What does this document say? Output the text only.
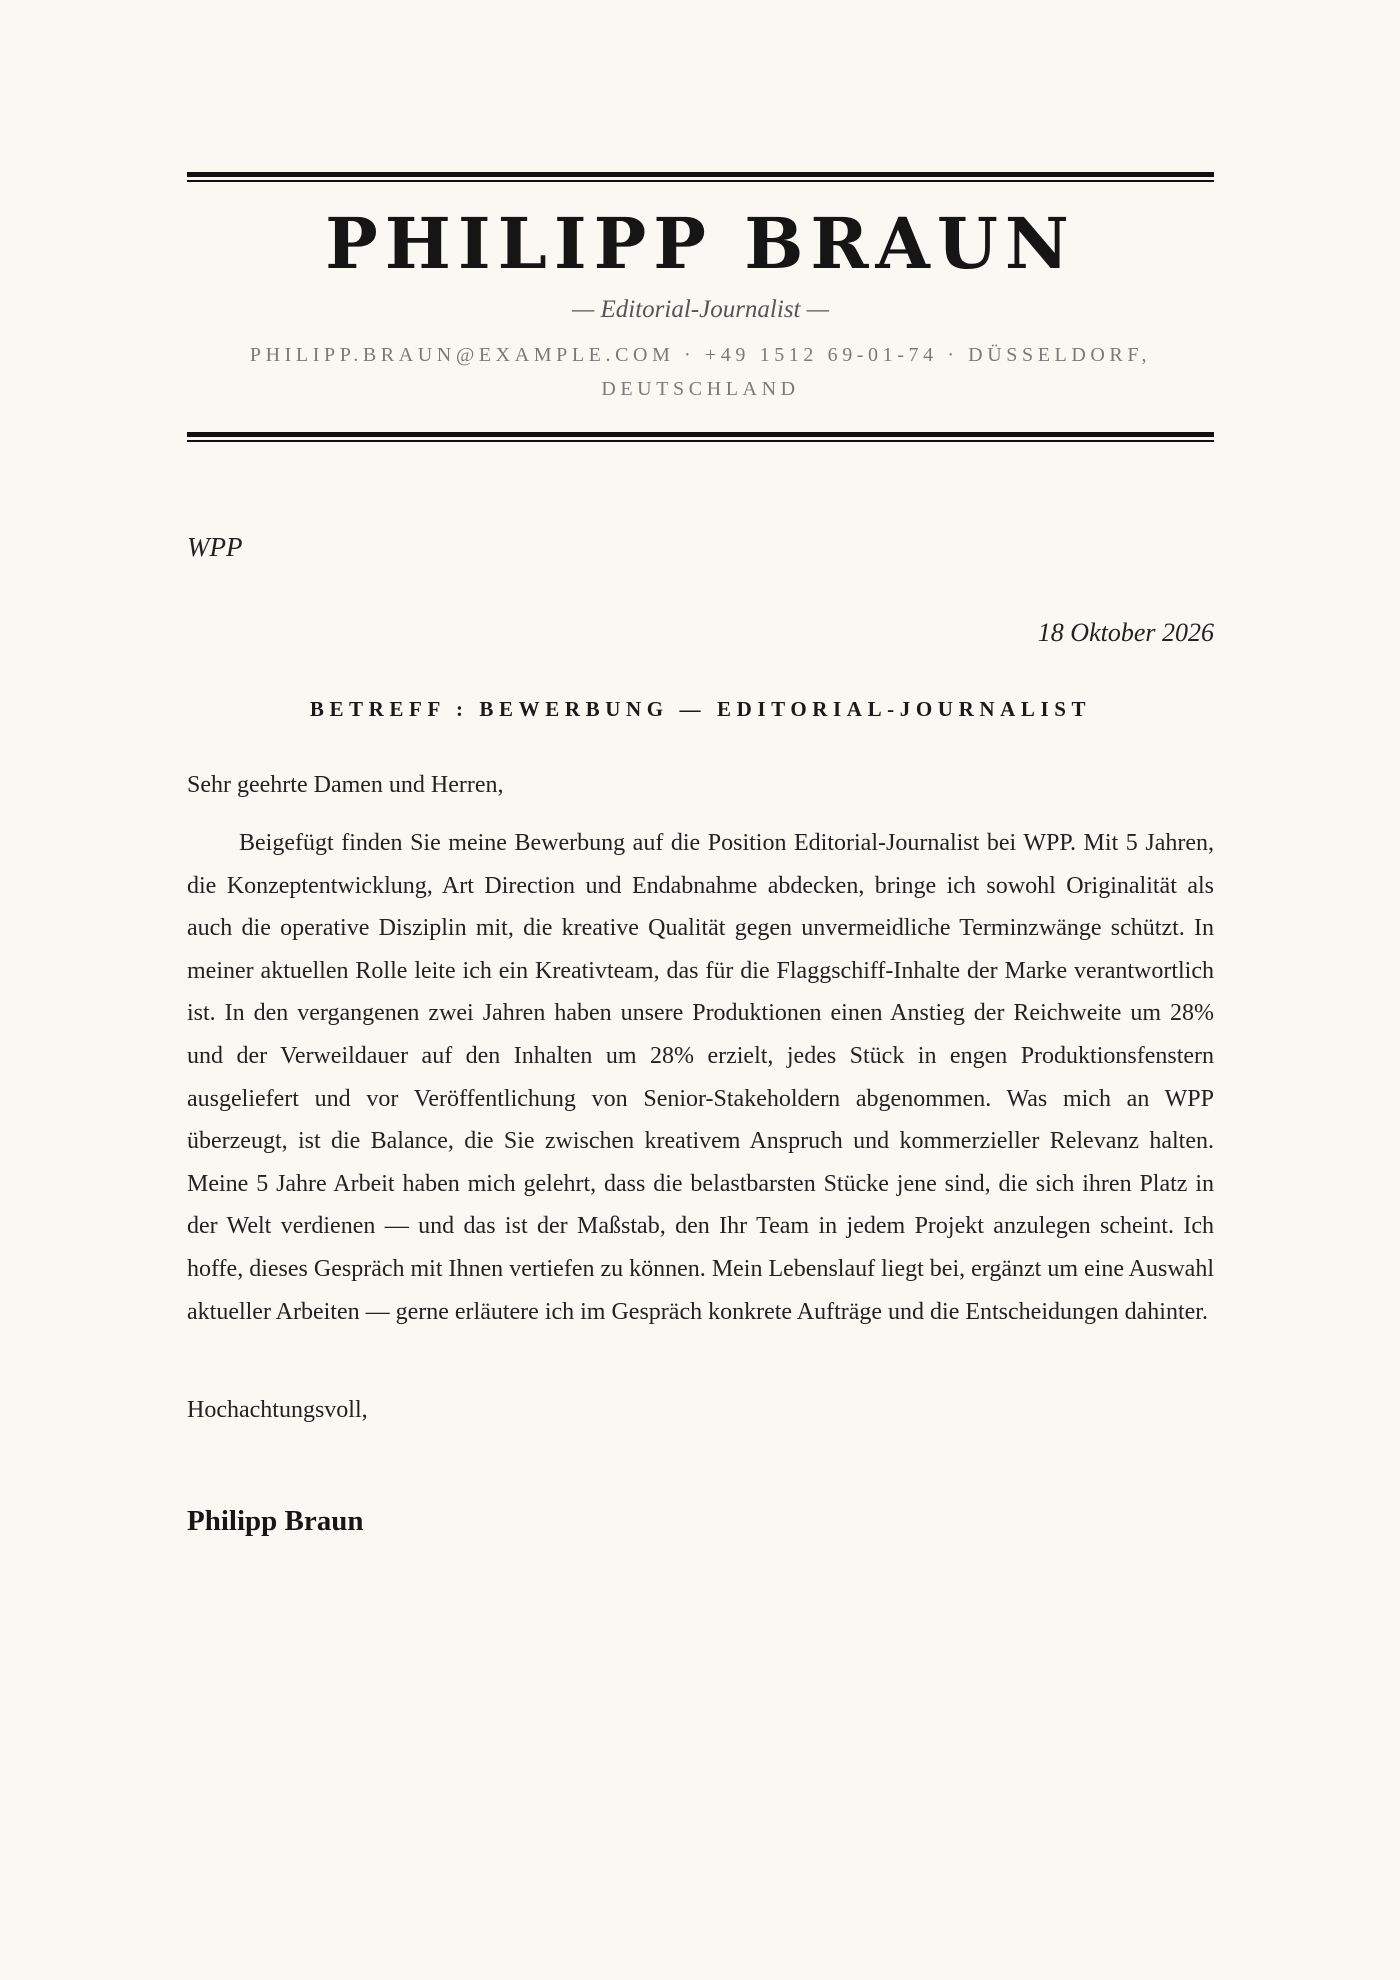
PHILIPP BRAUN
— Editorial-Journalist —
PHILIPP.BRAUN@EXAMPLE.COM · +49 1512 69-01-74 · DÜSSELDORF, DEUTSCHLAND
WPP
18 Oktober 2026
BETREFF : BEWERBUNG — EDITORIAL-JOURNALIST
Sehr geehrte Damen und Herren,

Beigefügt finden Sie meine Bewerbung auf die Position Editorial-Journalist bei WPP. Mit 5 Jahren, die Konzeptentwicklung, Art Direction und Endabnahme abdecken, bringe ich sowohl Originalität als auch die operative Disziplin mit, die kreative Qualität gegen unvermeidliche Terminzwänge schützt. In meiner aktuellen Rolle leite ich ein Kreativteam, das für die Flaggschiff-Inhalte der Marke verantwortlich ist. In den vergangenen zwei Jahren haben unsere Produktionen einen Anstieg der Reichweite um 28% und der Verweildauer auf den Inhalten um 28% erzielt, jedes Stück in engen Produktionsfenstern ausgeliefert und vor Veröffentlichung von Senior-Stakeholdern abgenommen. Was mich an WPP überzeugt, ist die Balance, die Sie zwischen kreativem Anspruch und kommerzieller Relevanz halten. Meine 5 Jahre Arbeit haben mich gelehrt, dass die belastbarsten Stücke jene sind, die sich ihren Platz in der Welt verdienen — und das ist der Maßstab, den Ihr Team in jedem Projekt anzulegen scheint. Ich hoffe, dieses Gespräch mit Ihnen vertiefen zu können. Mein Lebenslauf liegt bei, ergänzt um eine Auswahl aktueller Arbeiten — gerne erläutere ich im Gespräch konkrete Aufträge und die Entscheidungen dahinter.

Hochachtungsvoll,
Philipp Braun
